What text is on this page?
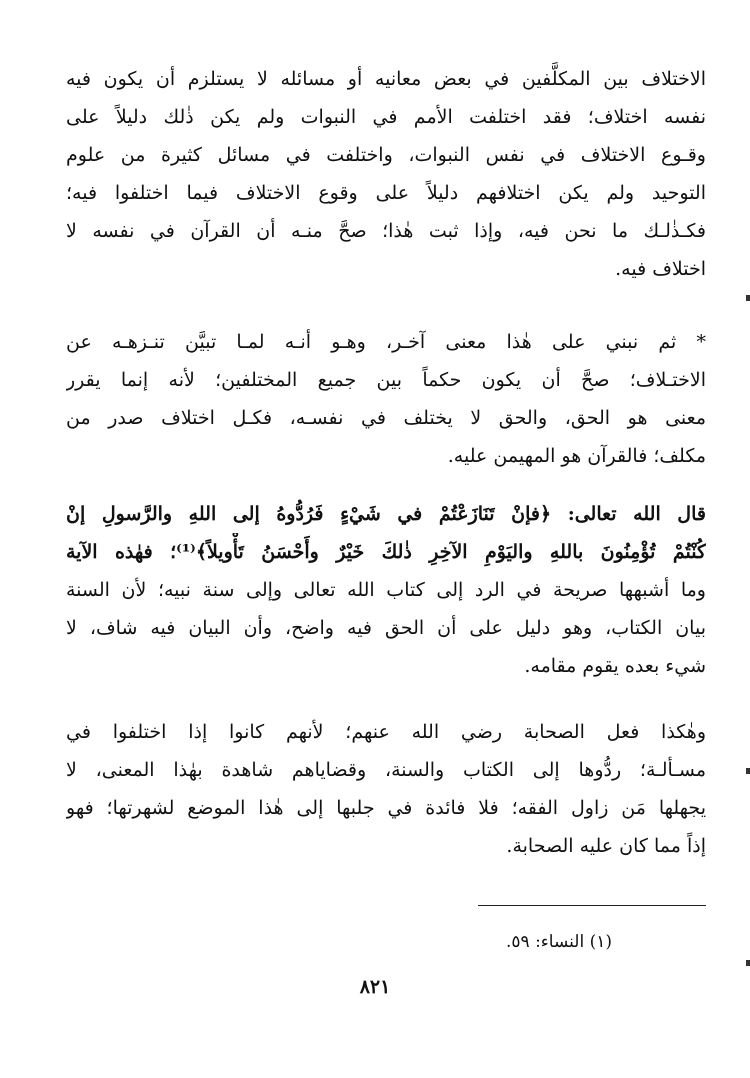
الاختلاف بين المكلَّفين في بعض معانيه أو مسائله لا يستلزم أن يكون فيه
نفسه اختلاف؛ فقد اختلفت الأمم في النبوات ولم يكن ذٰلك دليلاً على
وقـوع الاختلاف في نفس النبوات، واختلفت في مسائل كثيرة من علوم
التوحيد ولم يكن اختلافهم دليلاً على وقوع الاختلاف فيما اختلفوا فيه؛
فكـذٰلـك ما نحن فيه، وإذا ثبت هٰذا؛ صحَّ منـه أن القرآن في نفسه لا
اختلاف فيه.
* ثم نبني على هٰذا معنى آخـر، وهـو أنـه لمـا تبيَّن تنـزهـه عن
الاختـلاف؛ صحَّ أن يكون حكماً بين جميع المختلفين؛ لأنه إنما يقرر
معنى هو الحق، والحق لا يختلف في نفسـه، فكـل اختلاف صدر من
مكلف؛ فالقرآن هو المهيمن عليه.
قال الله تعالى: ﴿فإنْ تَنَازَعْتُمْ في شَيْءٍ فَرُدُّوهُ إلى اللهِ والرَّسولِ إنْ
كُنْتُمْ تُؤْمِنُونَ باللهِ واليَوْمِ الآخِرِ ذٰلكَ خَيْرٌ وأَحْسَنُ تَأْويلاً﴾⁽¹⁾؛ فهٰذه الآية
وما أشبهها صريحة في الرد إلى كتاب الله تعالى وإلى سنة نبيه؛ لأن السنة
بيان الكتاب، وهو دليل على أن الحق فيه واضح، وأن البيان فيه شاف، لا
شيء بعده يقوم مقامه.
وهٰكذا فعل الصحابة رضي الله عنهم؛ لأنهم كانوا إذا اختلفوا في
مسـألـة؛ ردُّوها إلى الكتاب والسنة، وقضاياهم شاهدة بهٰذا المعنى، لا
يجهلها مَن زاول الفقه؛ فلا فائدة في جلبها إلى هٰذا الموضع لشهرتها؛ فهو
إذاً مما كان عليه الصحابة.
(١) النساء: ٥٩.
٨٢١
